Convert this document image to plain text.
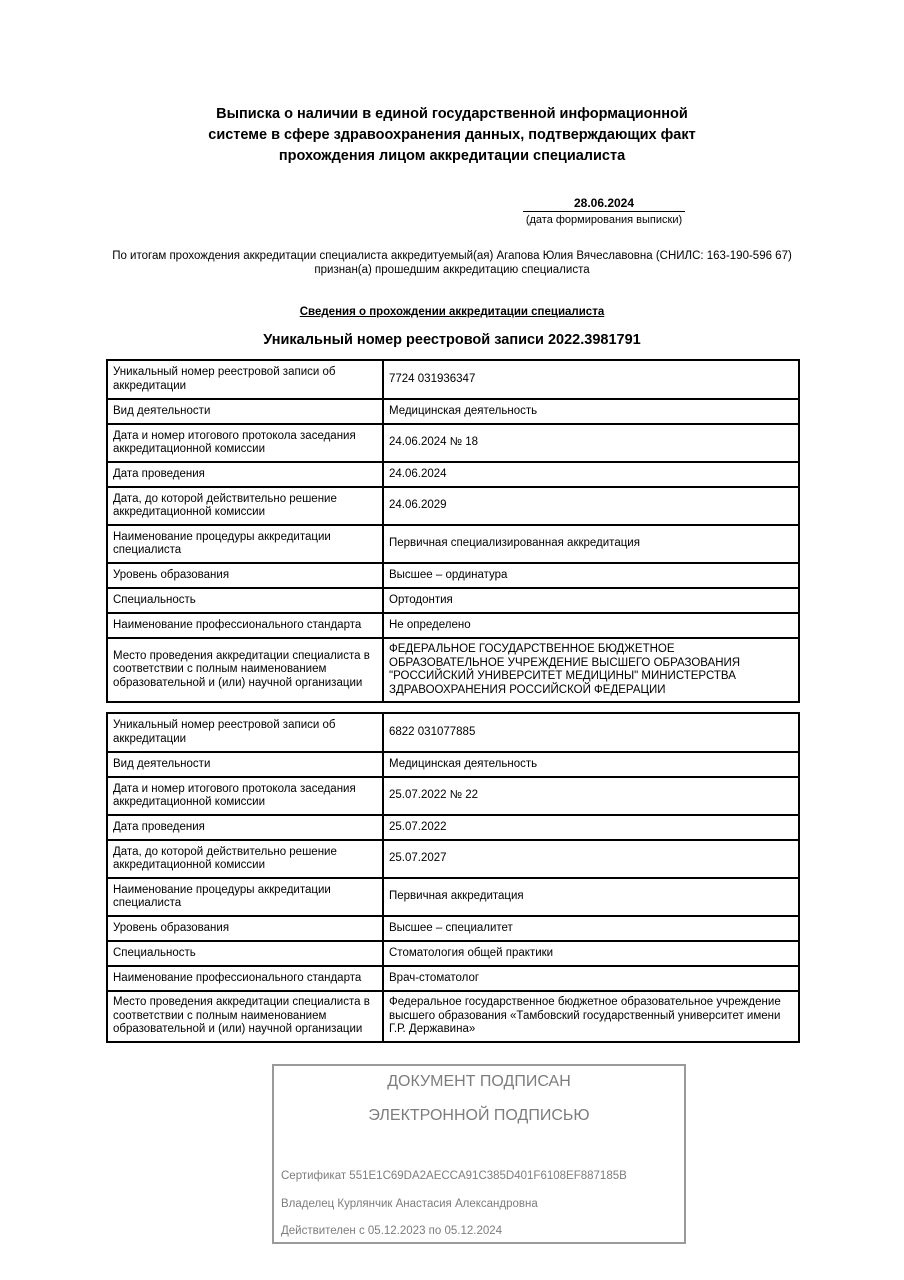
Выписка о наличии в единой государственной информационной
системе в сфере здравоохранения данных, подтверждающих факт
прохождения лицом аккредитации специалиста
28.06.2024
(дата формирования выписки)
По итогам прохождения аккредитации специалиста аккредитуемый(ая) Агапова Юлия Вячеславовна (СНИЛС: 163-190-596 67)
признан(а) прошедшим аккредитацию специалиста
Сведения о прохождении аккредитации специалиста
Уникальный номер реестровой записи 2022.3981791
Уникальный номер реестровой записи об аккредитации	7724 031936347
Вид деятельности	Медицинская деятельность
Дата и номер итогового протокола заседания аккредитационной комиссии	24.06.2024 № 18
Дата проведения	24.06.2024
Дата, до которой действительно решение аккредитационной комиссии	24.06.2029
Наименование процедуры аккредитации специалиста	Первичная специализированная аккредитация
Уровень образования	Высшее – ординатура
Специальность	Ортодонтия
Наименование профессионального стандарта	Не определено
Место проведения аккредитации специалиста в соответствии с полным наименованием образовательной и (или) научной организации	ФЕДЕРАЛЬНОЕ ГОСУДАРСТВЕННОЕ БЮДЖЕТНОЕ ОБРАЗОВАТЕЛЬНОЕ УЧРЕЖДЕНИЕ ВЫСШЕГО ОБРАЗОВАНИЯ "РОССИЙСКИЙ УНИВЕРСИТЕТ МЕДИЦИНЫ" МИНИСТЕРСТВА ЗДРАВООХРАНЕНИЯ РОССИЙСКОЙ ФЕДЕРАЦИИ
Уникальный номер реестровой записи об аккредитации	6822 031077885
Вид деятельности	Медицинская деятельность
Дата и номер итогового протокола заседания аккредитационной комиссии	25.07.2022 № 22
Дата проведения	25.07.2022
Дата, до которой действительно решение аккредитационной комиссии	25.07.2027
Наименование процедуры аккредитации специалиста	Первичная аккредитация
Уровень образования	Высшее – специалитет
Специальность	Стоматология общей практики
Наименование профессионального стандарта	Врач-стоматолог
Место проведения аккредитации специалиста в соответствии с полным наименованием образовательной и (или) научной организации	Федеральное государственное бюджетное образовательное учреждение высшего образования «Тамбовский государственный университет имени Г.Р. Державина»
ДОКУМЕНТ ПОДПИСАН
ЭЛЕКТРОННОЙ ПОДПИСЬЮ
Сертификат 551E1C69DA2AECCA91C385D401F6108EF887185B
Владелец Курлянчик Анастасия Александровна
Действителен с 05.12.2023 по 05.12.2024
